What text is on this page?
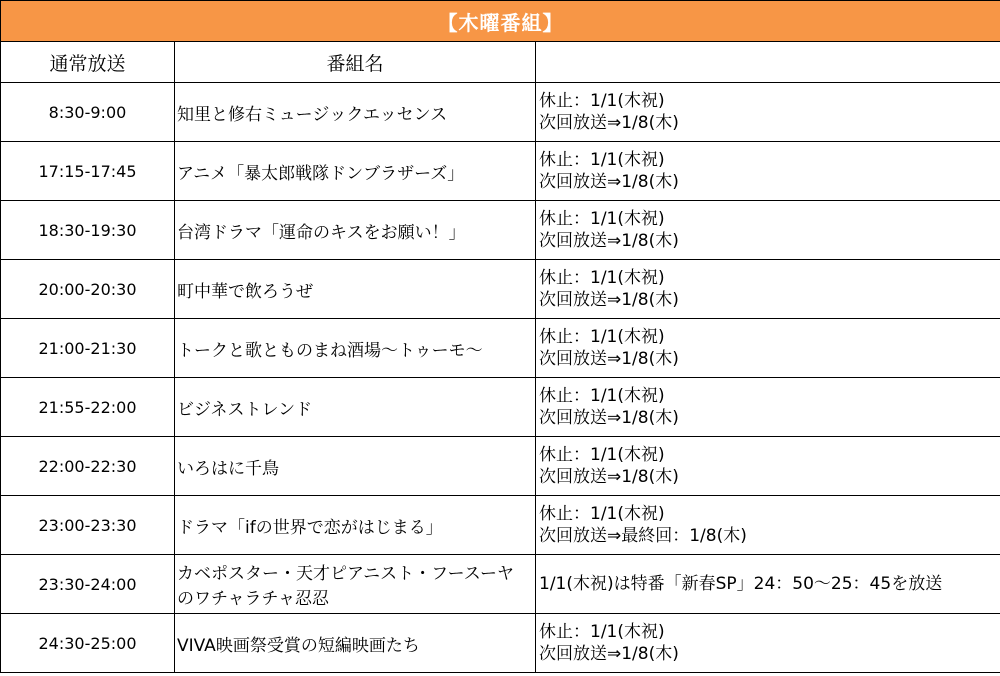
【木曜番組】		
通常放送	番組名	
8:30-9:00	知里と修右ミュージックエッセンス	休止：1/1(木祝)
次回放送⇒1/8(木)

17:15-17:45	アニメ「暴太郎戦隊ドンブラザーズ」	休止：1/1(木祝)
次回放送⇒1/8(木)

18:30-19:30	台湾ドラマ「運命のキスをお願い！」	休止：1/1(木祝)
次回放送⇒1/8(木)

20:00-20:30	町中華で飲ろうぜ	休止：1/1(木祝)
次回放送⇒1/8(木)

21:00-21:30	トークと歌とものまね酒場～トゥーモ～	休止：1/1(木祝)
次回放送⇒1/8(木)

21:55-22:00	ビジネストレンド	休止：1/1(木祝)
次回放送⇒1/8(木)

22:00-22:30	いろはに千鳥	休止：1/1(木祝)
次回放送⇒1/8(木)

23:00-23:30	ドラマ「ifの世界で恋がはじまる」	休止：1/1(木祝)
次回放送⇒最終回：1/8(木)

23:30-24:00	カベポスター・天才ピアニスト・フースーヤ
のワチャラチャ忍忍	1/1(木祝)は特番「新春SP」24：50～25：45を放送

24:30-25:00	VIVA映画祭受賞の短編映画たち	休止：1/1(木祝)
次回放送⇒1/8(木)
